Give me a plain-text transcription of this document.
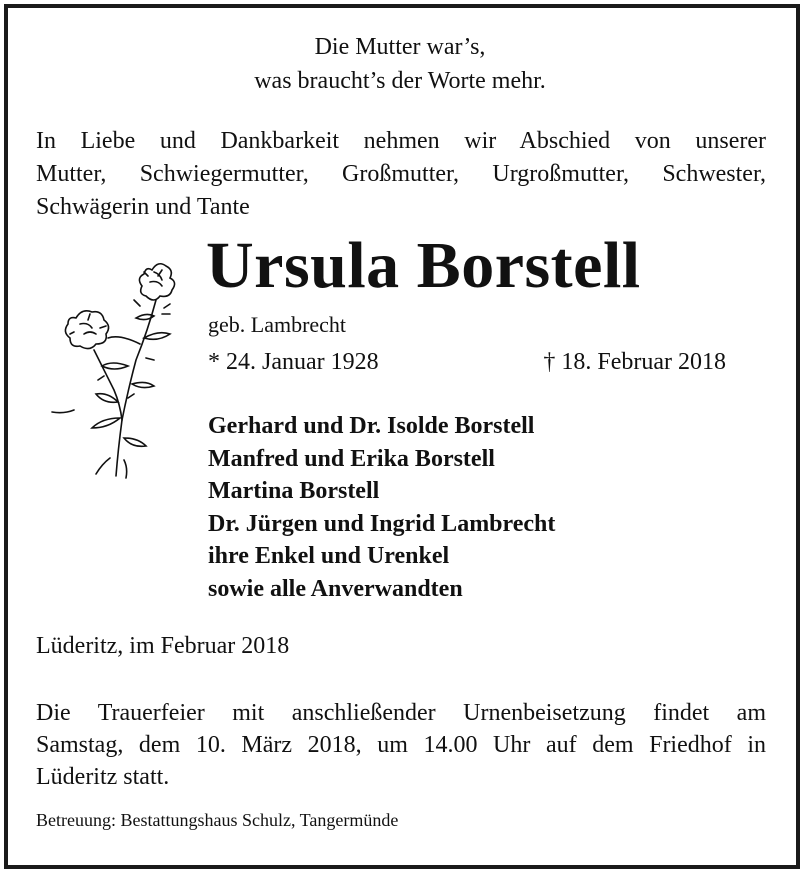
Die Mutter war’s,
was braucht’s der Worte mehr.
In Liebe und Dankbarkeit nehmen wir Abschied von unserer
Mutter, Schwiegermutter, Großmutter, Urgroßmutter, Schwester,
Schwägerin und Tante
Ursula Borstell
geb. Lambrecht
* 24. Januar 1928	† 18. Februar 2018
Gerhard und Dr. Isolde Borstell
Manfred und Erika Borstell
Martina Borstell
Dr. Jürgen und Ingrid Lambrecht
ihre Enkel und Urenkel
sowie alle Anverwandten
Lüderitz, im Februar 2018
Die Trauerfeier mit anschließender Urnenbeisetzung findet am
Samstag, dem 10. März 2018, um 14.00 Uhr auf dem Friedhof in
Lüderitz statt.
Betreuung: Bestattungshaus Schulz, Tangermünde
